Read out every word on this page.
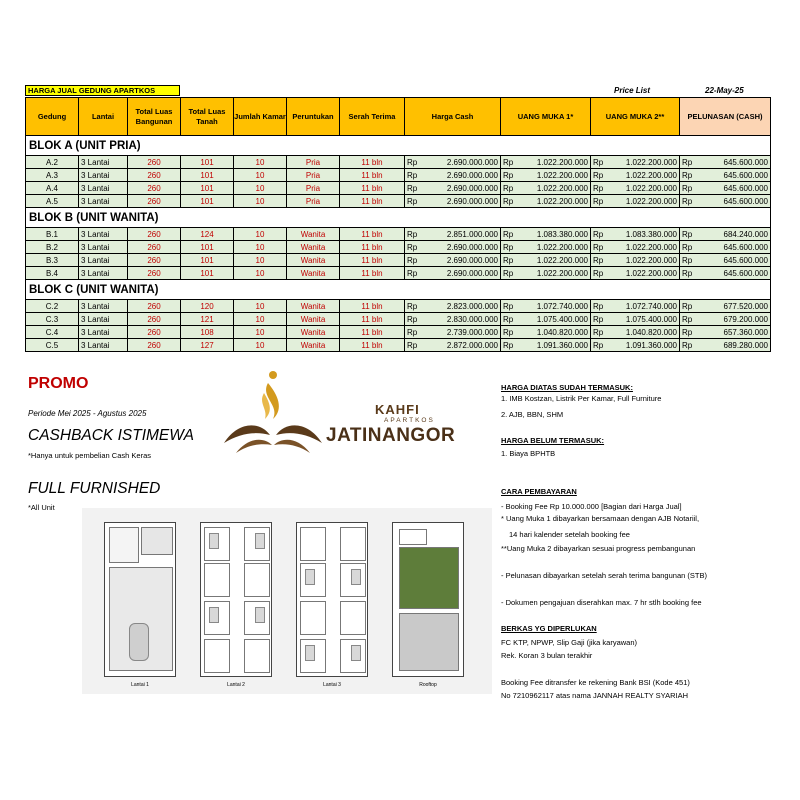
HARGA JUAL GEDUNG APARTKOS	Price List	22-May-25
Gedung	Lantai	Total Luas Bangunan	Total Luas Tanah	Jumlah Kamar	Peruntukan	Serah Terima	Harga Cash		UANG MUKA 1*		UANG MUKA 2**		PELUNASAN (CASH)	
BLOK A (UNIT PRIA)														
A.2	3 Lantai	260	101	10	Pria	11 bln	Rp	2.690.000.000	Rp	1.022.200.000	Rp	1.022.200.000	Rp	645.600.000
A.3	3 Lantai	260	101	10	Pria	11 bln	Rp	2.690.000.000	Rp	1.022.200.000	Rp	1.022.200.000	Rp	645.600.000
A.4	3 Lantai	260	101	10	Pria	11 bln	Rp	2.690.000.000	Rp	1.022.200.000	Rp	1.022.200.000	Rp	645.600.000
A.5	3 Lantai	260	101	10	Pria	11 bln	Rp	2.690.000.000	Rp	1.022.200.000	Rp	1.022.200.000	Rp	645.600.000
BLOK B (UNIT WANITA)														
B.1	3 Lantai	260	124	10	Wanita	11 bln	Rp	2.851.000.000	Rp	1.083.380.000	Rp	1.083.380.000	Rp	684.240.000
B.2	3 Lantai	260	101	10	Wanita	11 bln	Rp	2.690.000.000	Rp	1.022.200.000	Rp	1.022.200.000	Rp	645.600.000
B.3	3 Lantai	260	101	10	Wanita	11 bln	Rp	2.690.000.000	Rp	1.022.200.000	Rp	1.022.200.000	Rp	645.600.000
B.4	3 Lantai	260	101	10	Wanita	11 bln	Rp	2.690.000.000	Rp	1.022.200.000	Rp	1.022.200.000	Rp	645.600.000
BLOK C (UNIT WANITA)														
C.2	3 Lantai	260	120	10	Wanita	11 bln	Rp	2.823.000.000	Rp	1.072.740.000	Rp	1.072.740.000	Rp	677.520.000
C.3	3 Lantai	260	121	10	Wanita	11 bln	Rp	2.830.000.000	Rp	1.075.400.000	Rp	1.075.400.000	Rp	679.200.000
C.4	3 Lantai	260	108	10	Wanita	11 bln	Rp	2.739.000.000	Rp	1.040.820.000	Rp	1.040.820.000	Rp	657.360.000
C.5	3 Lantai	260	127	10	Wanita	11 bln	Rp	2.872.000.000	Rp	1.091.360.000	Rp	1.091.360.000	Rp	689.280.000
PROMO
Periode Mei 2025 - Agustus 2025
CASHBACK ISTIMEWA
*Hanya untuk pembelian Cash Keras
FULL FURNISHED
*All Unit
KAHFI
APARTKOS
JATINANGOR
Lantai 1	Lantai 2	Lantai 3	Rooftop
HARGA DIATAS SUDAH TERMASUK:
1. IMB Kostzan, Listrik Per Kamar, Full Furniture
2. AJB, BBN, SHM
HARGA BELUM TERMASUK:
1. Biaya BPHTB
CARA PEMBAYARAN
- Booking Fee Rp 10.000.000 [Bagian dari Harga Jual]
* Uang Muka 1 dibayarkan bersamaan dengan AJB Notariil,
14 hari kalender setelah booking fee
**Uang Muka 2 dibayarkan sesuai progress pembangunan
- Pelunasan dibayarkan setelah serah terima bangunan (STB)
- Dokumen pengajuan diserahkan max. 7 hr stlh booking fee
BERKAS YG DIPERLUKAN
FC KTP, NPWP, Slip Gaji (jika karyawan)
Rek. Koran 3 bulan terakhir
Booking Fee ditransfer ke rekening Bank BSI (Kode 451)
No 7210962117 atas nama JANNAH REALTY SYARIAH
